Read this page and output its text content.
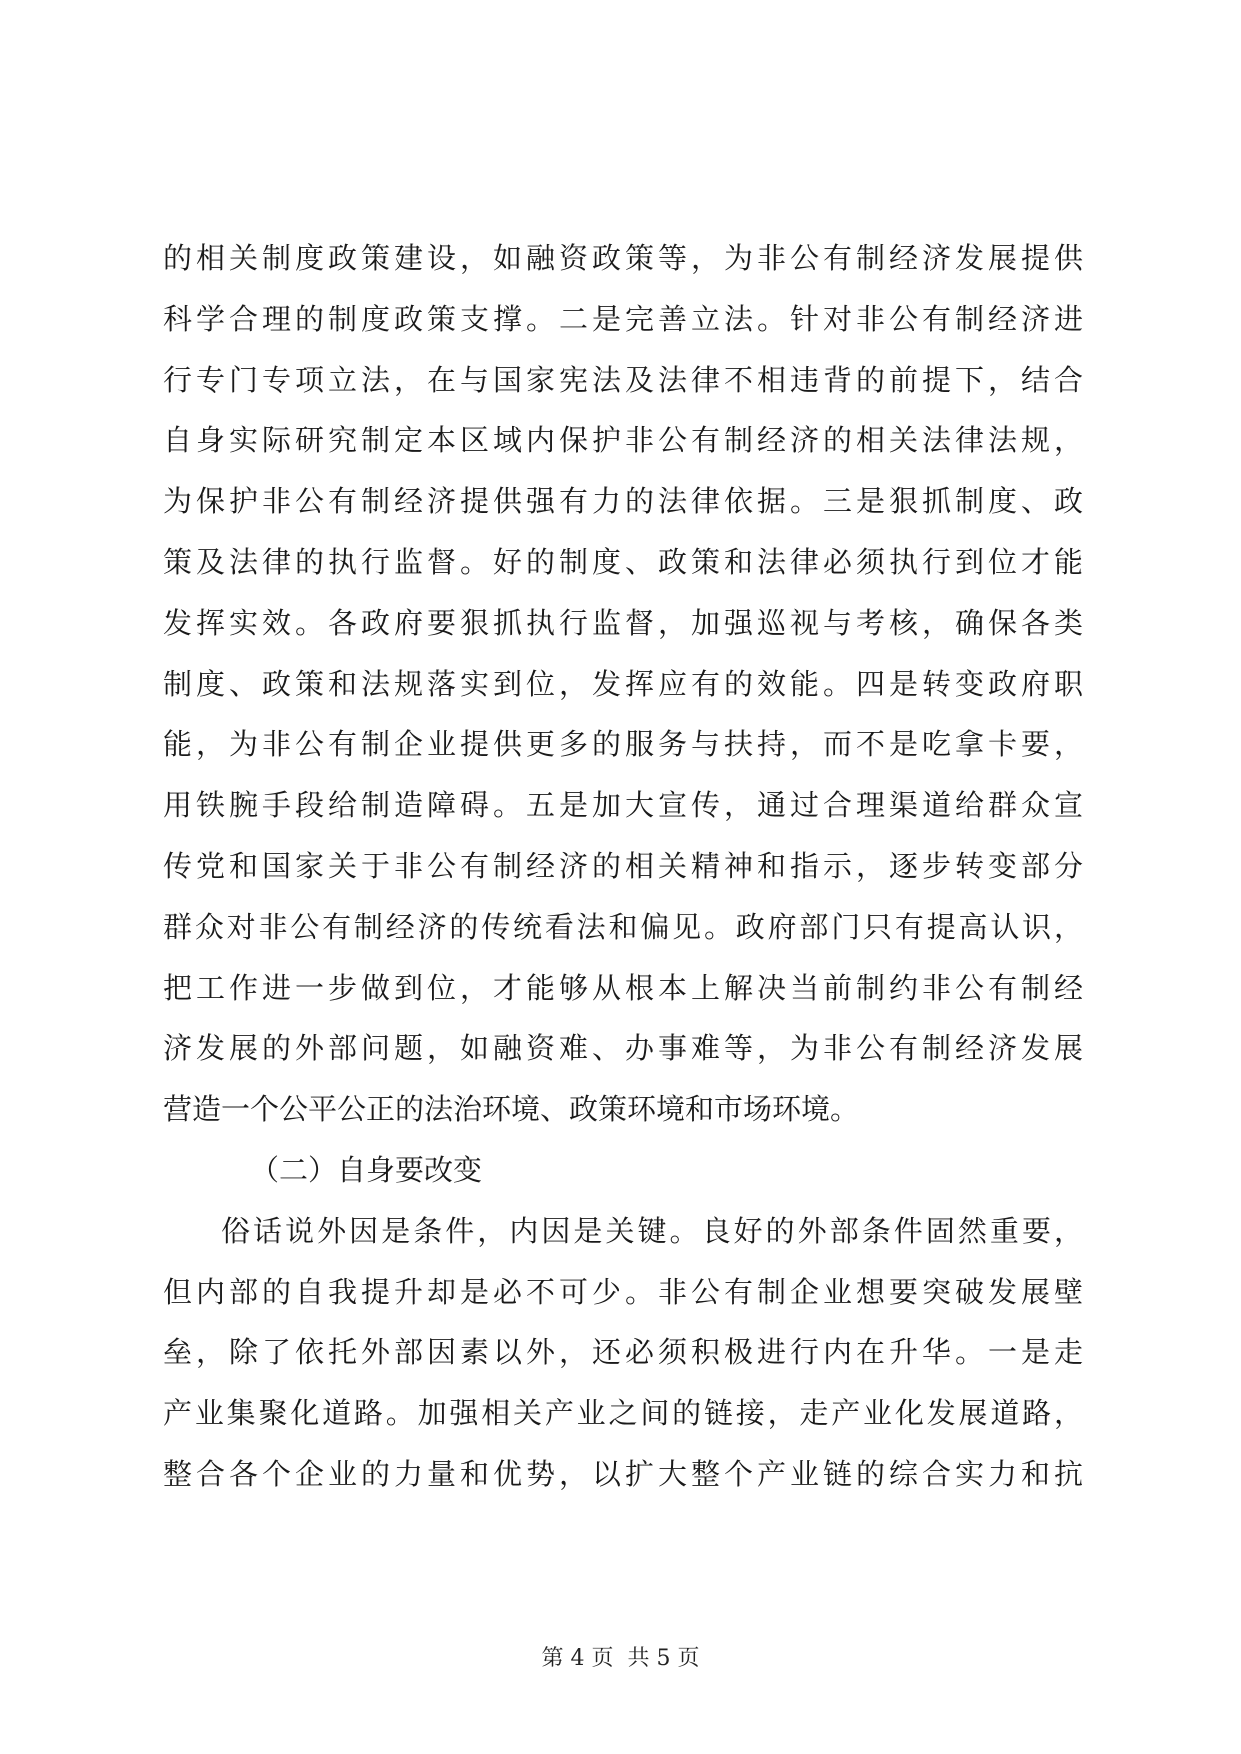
的相关制度政策建设，如融资政策等，为非公有制经济发展提供
科学合理的制度政策支撑。二是完善立法。针对非公有制经济进
行专门专项立法，在与国家宪法及法律不相违背的前提下，结合
自身实际研究制定本区域内保护非公有制经济的相关法律法规，
为保护非公有制经济提供强有力的法律依据。三是狠抓制度、政
策及法律的执行监督。好的制度、政策和法律必须执行到位才能
发挥实效。各政府要狠抓执行监督，加强巡视与考核，确保各类
制度、政策和法规落实到位，发挥应有的效能。四是转变政府职
能，为非公有制企业提供更多的服务与扶持，而不是吃拿卡要，
用铁腕手段给制造障碍。五是加大宣传，通过合理渠道给群众宣
传党和国家关于非公有制经济的相关精神和指示，逐步转变部分
群众对非公有制经济的传统看法和偏见。政府部门只有提高认识，
把工作进一步做到位，才能够从根本上解决当前制约非公有制经
济发展的外部问题，如融资难、办事难等，为非公有制经济发展
营造一个公平公正的法治环境、政策环境和市场环境。
（二）自身要改变
俗话说外因是条件，内因是关键。良好的外部条件固然重要，
但内部的自我提升却是必不可少。非公有制企业想要突破发展壁
垒，除了依托外部因素以外，还必须积极进行内在升华。一是走
产业集聚化道路。加强相关产业之间的链接，走产业化发展道路，
整合各个企业的力量和优势，以扩大整个产业链的综合实力和抗
第 4 页  共 5 页
